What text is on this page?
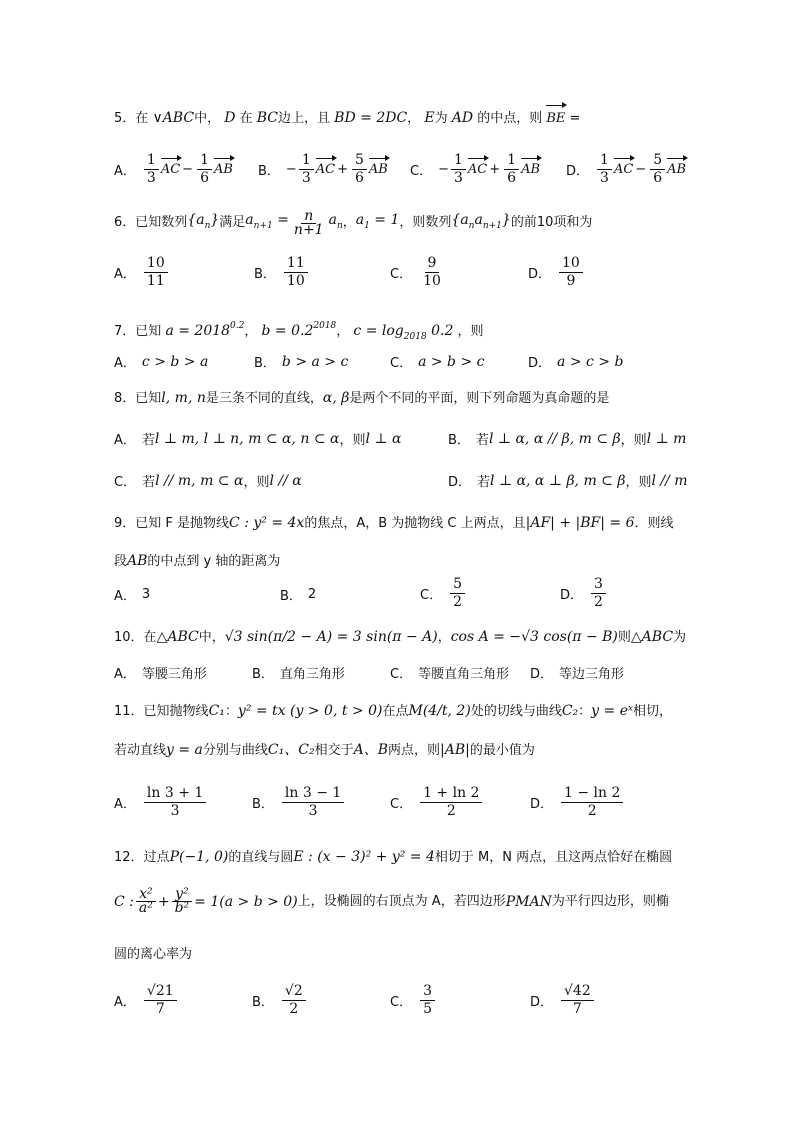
5．在 ∨ABC中， D 在 BC边上，且 BD = 2DC， E为 AD 的中点，则 BE =
A． $\frac{1}{3}$ AC − $\frac{1}{6}$ AB B． − $\frac{1}{3}$ AC + $\frac{5}{6}$ AB C． − $\frac{1}{3}$ AC + $\frac{1}{6}$ AB D． $\frac{1}{3}$ AC − $\frac{5}{6}$ AB
6． 已知数列 $\{a_n\}$ 满足 $a_{n+1} = \frac{n}{n+1} a_n$ ， $a_1 = 1$ ，则数列 $\{a_na_{n+1}\}$ 的前10项和为
A． $\frac{10}{11}$	B． $\frac{11}{10}$	C． $\frac{9}{10}$	D． $\frac{10}{9}$
7．已知 $a = 2018^{0.2}$， $b = 0.2^{2018}$， $c = \log_{2018} 0.2$ ，则
A． c > b > a	B． b > a > c	C． a > b > c	D． a > c > b
8．已知l, m, n是三条不同的直线，α, β是两个不同的平面，则下列命题为真命题的是
A． 若 l ⊥ m, l ⊥ n, m ⊂ α, n ⊂ α ，则 l ⊥ α	B． 若 l ⊥ α, α // β, m ⊂ β ，则 l ⊥ m
C． 若 l // m, m ⊂ α ，则 l // α	D． 若 l ⊥ α, α ⊥ β, m ⊂ β ，则 l // m
9．已知 F 是抛物线C : y² = 4x的焦点，A，B 为抛物线 C 上两点，且|AF| + |BF| = 6．则线
段AB的中点到 y 轴的距离为
A． 3	B． 2	C． $\frac{5}{2}$	D． $\frac{3}{2}$
10．在△ABC中，√3 sin(π/2 − A) = 3 sin(π − A)，cos A = −√3 cos(π − B)则△ABC为
A． 等腰三角形	B． 直角三角形	C． 等腰直角三角形 D． 等边三角形
11．已知抛物线C₁：y² = tx (y > 0, t > 0)在点M(4/t, 2)处的切线与曲线C₂：y = eˣ相切，
若动直线y = a分别与曲线C₁、C₂相交于A、B两点，则|AB|的最小值为
A． $\frac{\ln 3 + 1}{3}$	B． $\frac{\ln 3 - 1}{3}$	C． $\frac{1 + \ln 2}{2}$	D． $\frac{1 - \ln 2}{2}$
12．过点P(−1, 0)的直线与圆E : (x − 3)² + y² = 4相切于 M，N 两点，且这两点恰好在椭圆
C : $\frac{\text{x²}}{\text{a²}} + \frac{\text{y²}}{\text{b²}} = 1(a > b > 0)$ 上，设椭圆的右顶点为 A，若四边形 PMAN 为平行四边形，则椭
圆的离心率为
A． $\frac{√21}{7}$	B． $\frac{√2}{2}$	C． $\frac{3}{5}$	D． $\frac{√42}{7}$
